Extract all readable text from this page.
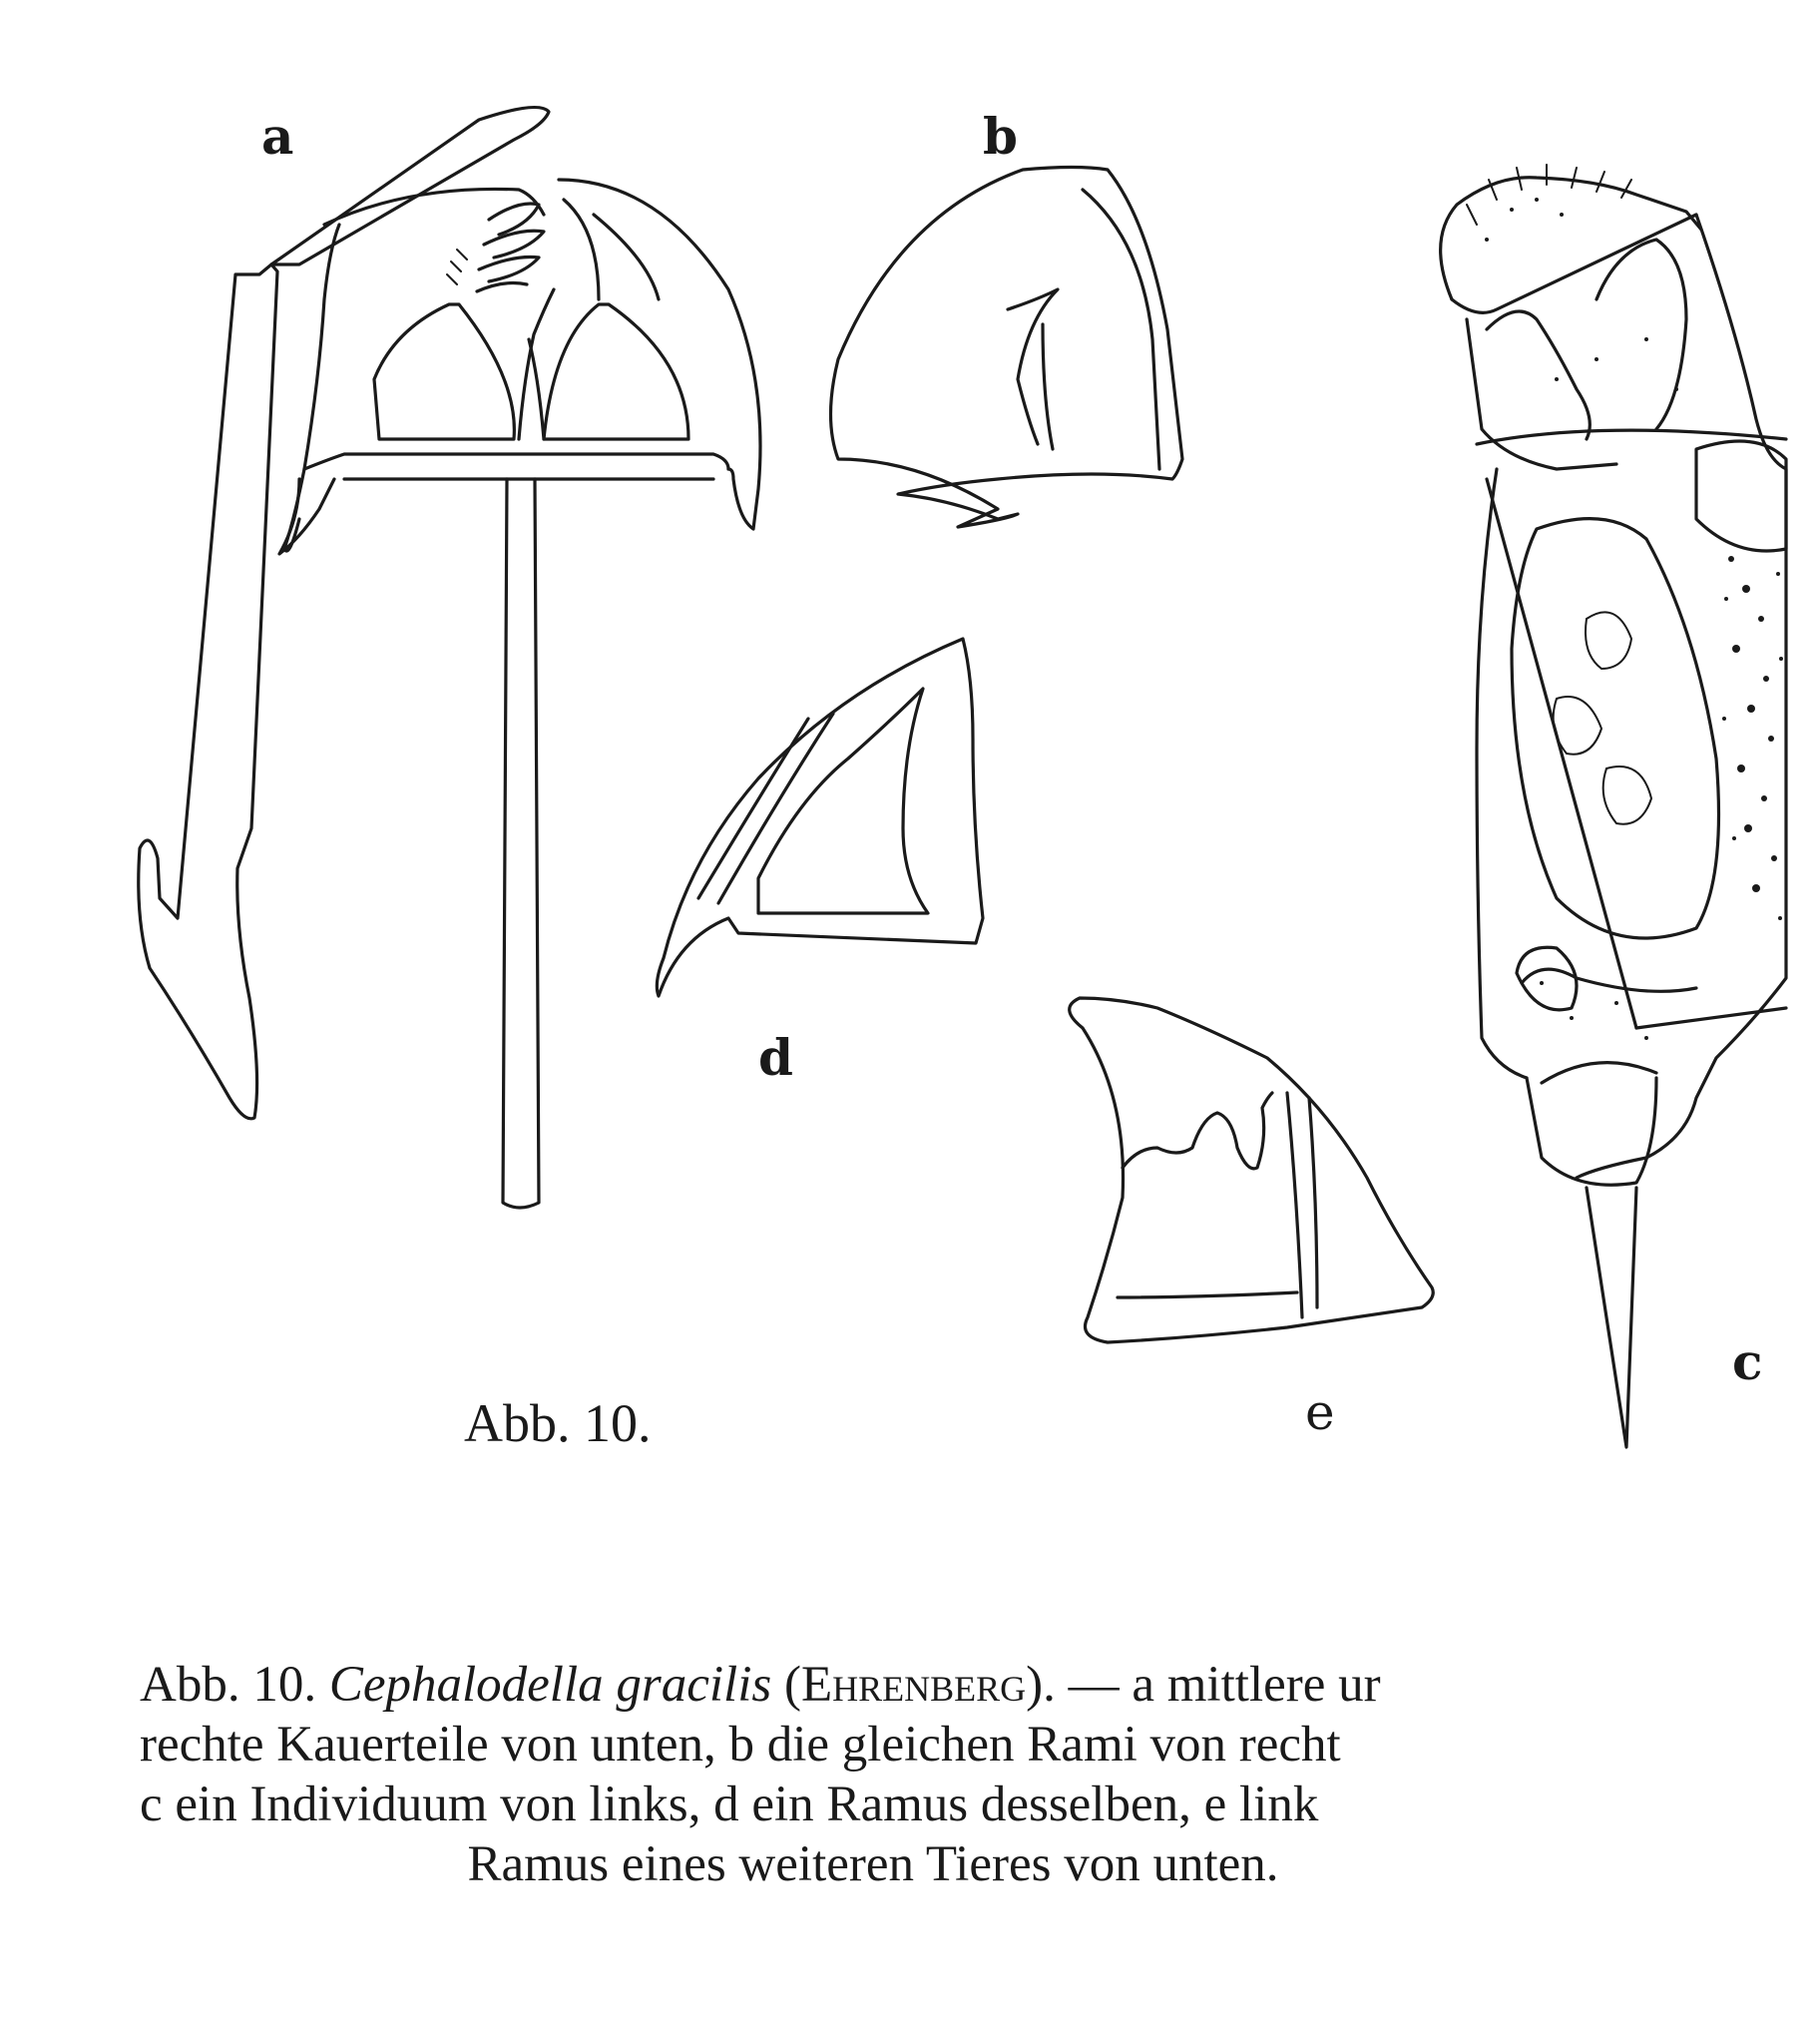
a	b
d
e
c
Abb. 10.
Abb. 10. Cephalodella gracilis (Ehrenberg). — a mittlere ur
rechte Kauerteile von unten, b die gleichen Rami von recht
c ein Individuum von links, d ein Ramus desselben, e link
Ramus eines weiteren Tieres von unten.
